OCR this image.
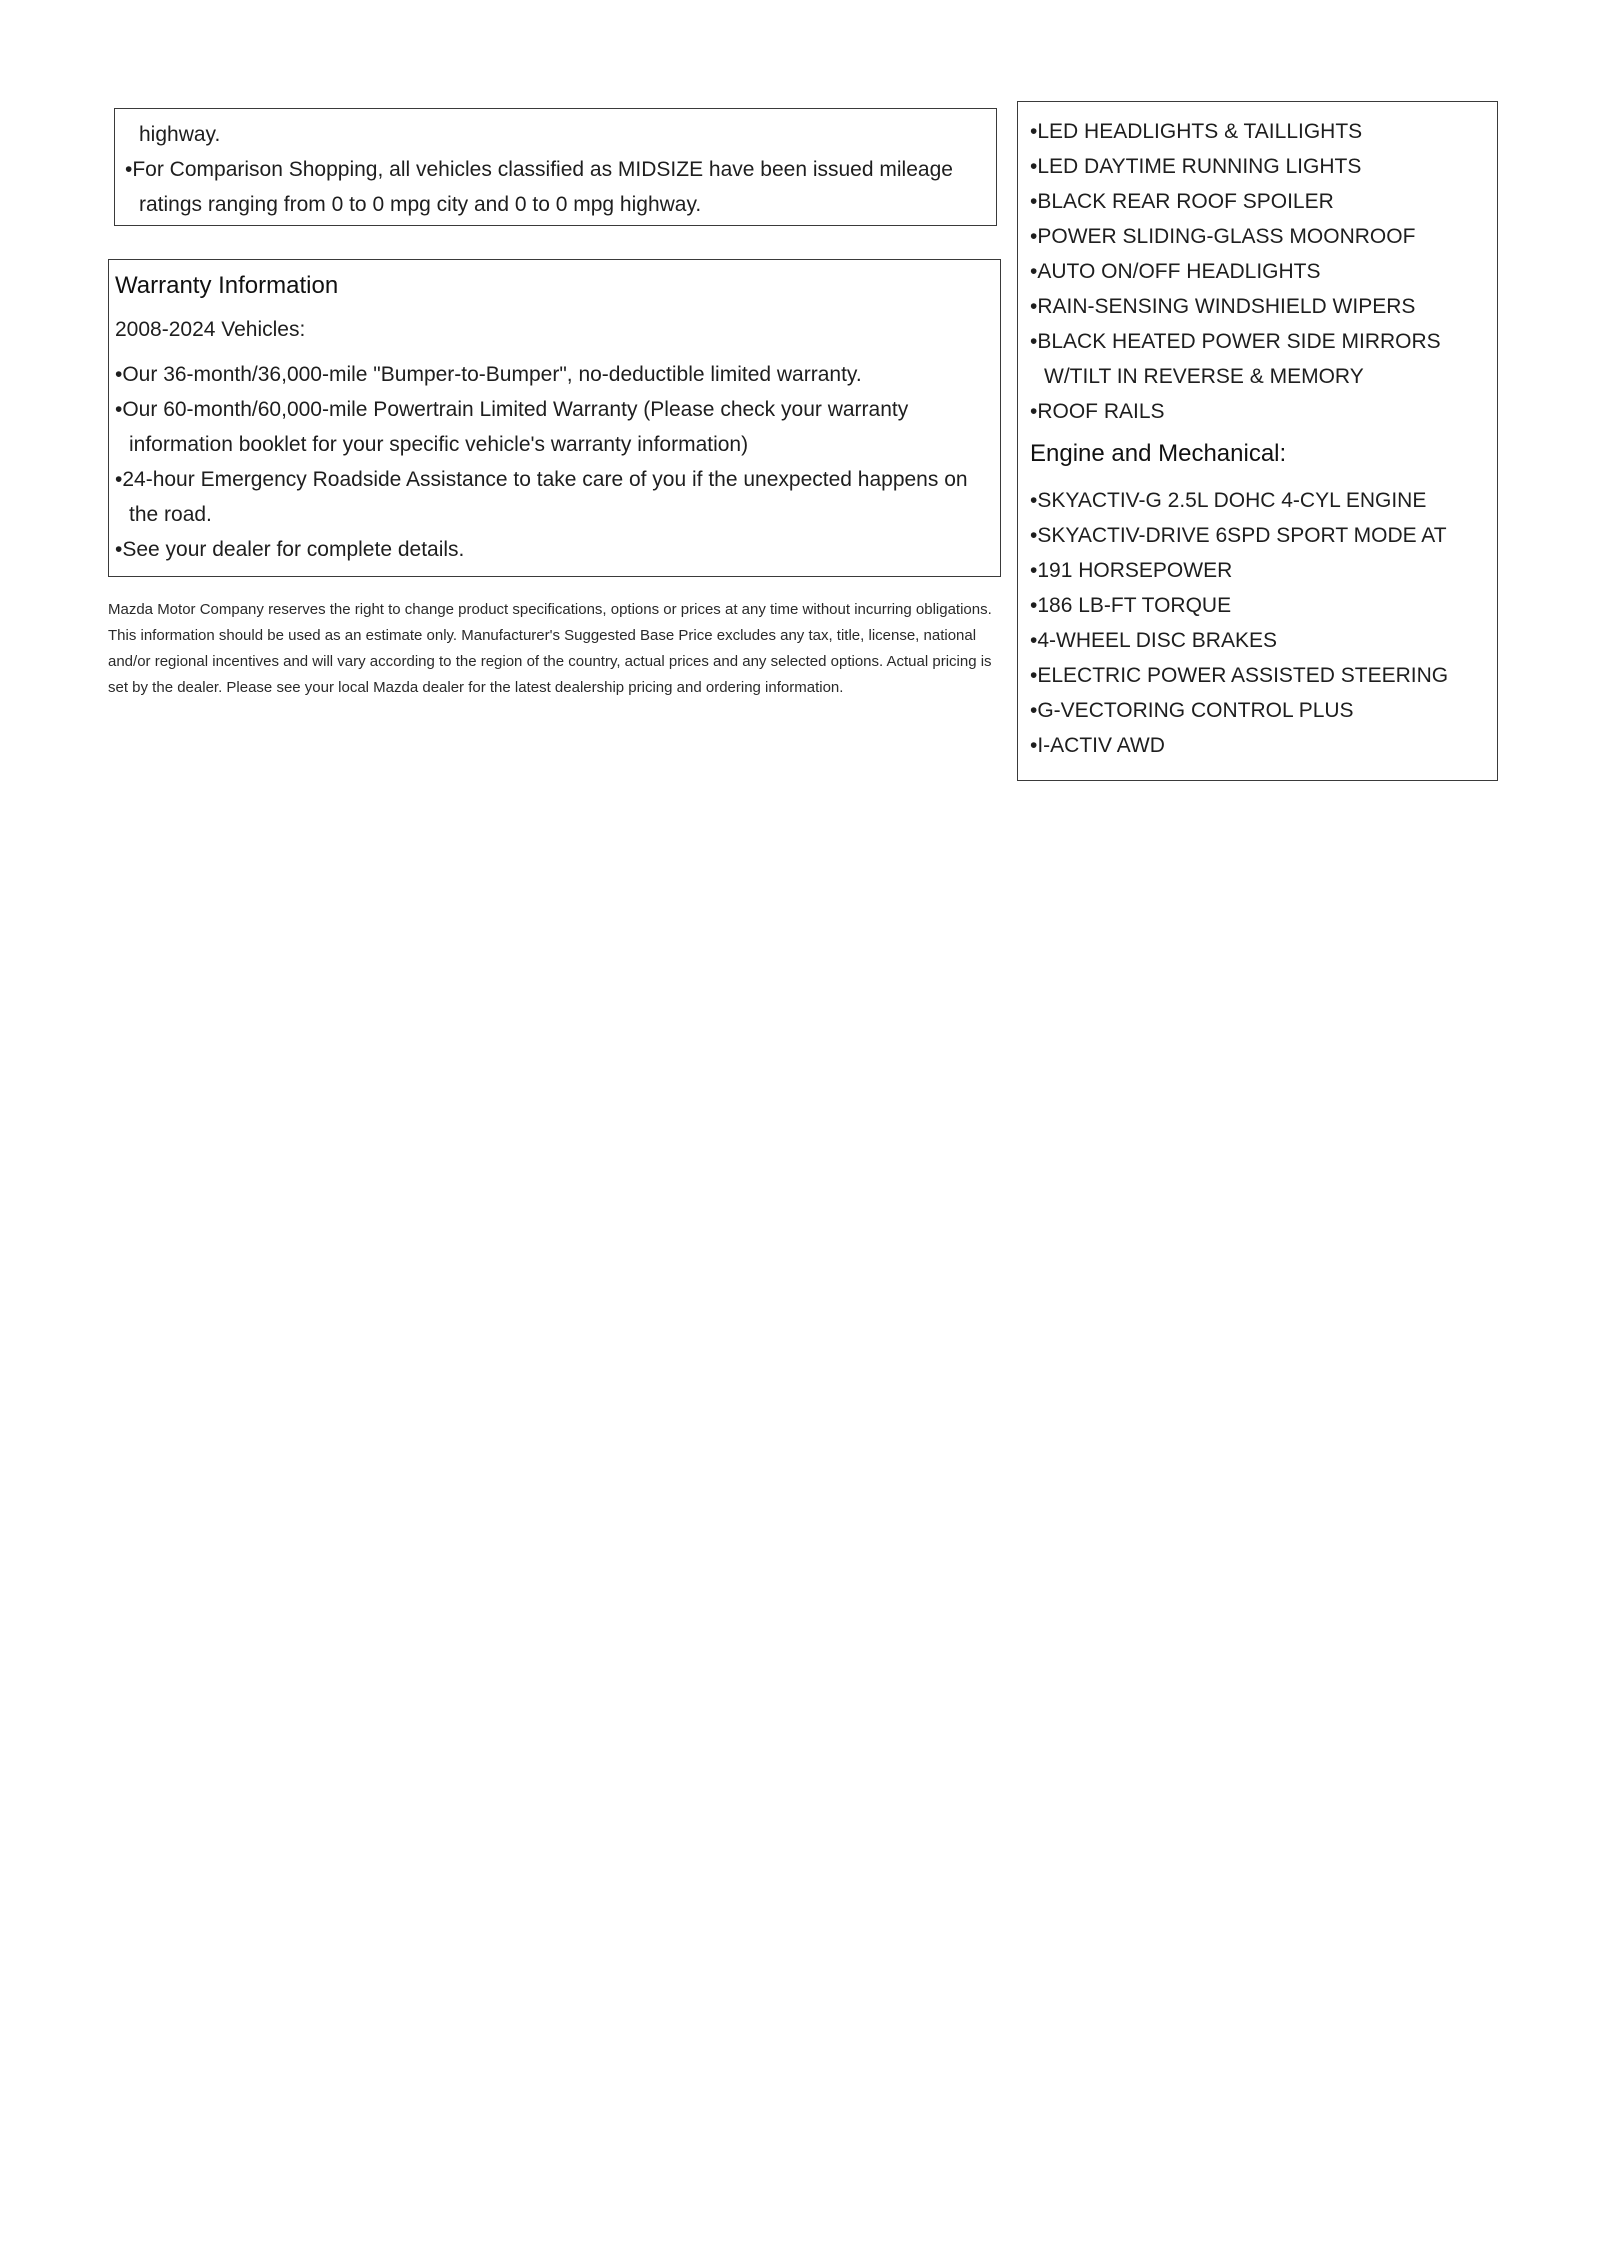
highway.
•For Comparison Shopping, all vehicles classified as MIDSIZE have been issued mileage ratings ranging from 0 to 0 mpg city and 0 to 0 mpg highway.
Warranty Information
2008-2024 Vehicles:
•Our 36-month/36,000-mile "Bumper-to-Bumper", no-deductible limited warranty.
•Our 60-month/60,000-mile Powertrain Limited Warranty (Please check your warranty information booklet for your specific vehicle's warranty information)
•24-hour Emergency Roadside Assistance to take care of you if the unexpected happens on the road.
•See your dealer for complete details.
Mazda Motor Company reserves the right to change product specifications, options or prices at any time without incurring obligations. This information should be used as an estimate only. Manufacturer's Suggested Base Price excludes any tax, title, license, national and/or regional incentives and will vary according to the region of the country, actual prices and any selected options. Actual pricing is set by the dealer. Please see your local Mazda dealer for the latest dealership pricing and ordering information.
•LED HEADLIGHTS & TAILLIGHTS
•LED DAYTIME RUNNING LIGHTS
•BLACK REAR ROOF SPOILER
•POWER SLIDING-GLASS MOONROOF
•AUTO ON/OFF HEADLIGHTS
•RAIN-SENSING WINDSHIELD WIPERS
•BLACK HEATED POWER SIDE MIRRORS W/TILT IN REVERSE & MEMORY
•ROOF RAILS
Engine and Mechanical:
•SKYACTIV-G 2.5L DOHC 4-CYL ENGINE
•SKYACTIV-DRIVE 6SPD SPORT MODE AT
•191 HORSEPOWER
•186 LB-FT TORQUE
•4-WHEEL DISC BRAKES
•ELECTRIC POWER ASSISTED STEERING
•G-VECTORING CONTROL PLUS
•I-ACTIV AWD
